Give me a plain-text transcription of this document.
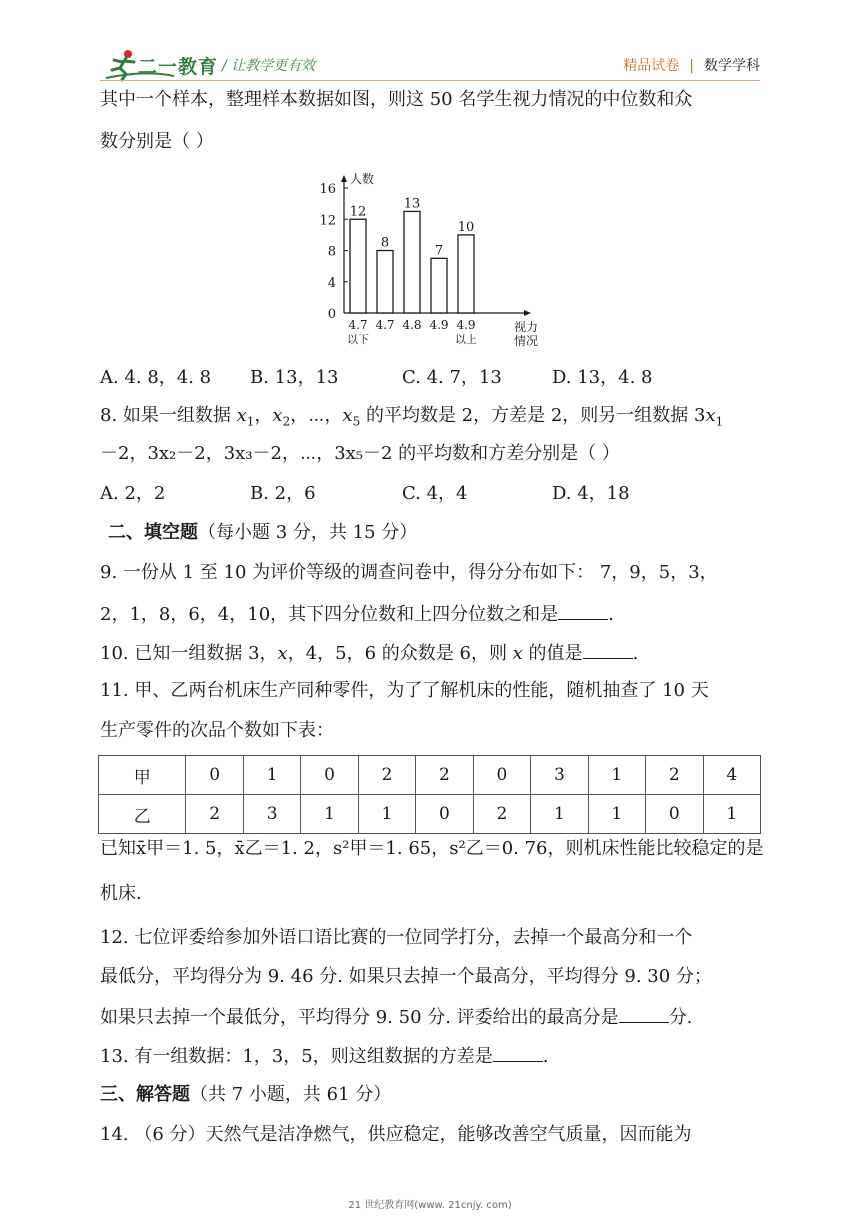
二一教育 / 让教学更有效	精品试卷 | 数学学科
其中一个样本，整理样本数据如图，则这 50 名学生视力情况的中位数和众
数分别是（ ）
0
4
8
12
16
人数
12
4.7
以下
8
4.7
13
4.8
7
4.9
10
4.9
以上
视力
情况
A. 4. 8，4. 8 B. 13，13	C. 4. 7，13	D. 13，4. 8
8. 如果一组数据 $x_1$，$x_2$，⋯，$x_5$ 的平均数是 2，方差是 2，则另一组数据 $3x_1$
－2，3x₂－2，3x₃－2，⋯，3x₅－2 的平均数和方差分别是（ ）
A. 2，2	B. 2，6	C. 4，4	D. 4，18
二、填空题（每小题 3 分，共 15 分）
9. 一份从 1 至 10 为评价等级的调查问卷中，得分分布如下： 7，9，5，3，
2，1，8，6，4，10，其下四分位数和上四分位数之和是	.
10. 已知一组数据 3，x，4，5，6 的众数是 6，则 x 的值是	.
11. 甲、乙两台机床生产同种零件，为了了解机床的性能，随机抽查了 10 天
生产零件的次品个数如下表：
甲	0	1	0	2	2	0	3	1	2	4
乙	2	3	1	1	0	2	1	1	0	1
已知x̄甲＝1. 5，x̄乙＝1. 2，s²甲＝1. 65，s²乙＝0. 76，则机床性能比较稳定的是
机床.
12. 七位评委给参加外语口语比赛的一位同学打分，去掉一个最高分和一个
最低分，平均得分为 9. 46 分. 如果只去掉一个最高分，平均得分 9. 30 分；
如果只去掉一个最低分，平均得分 9. 50 分. 评委给出的最高分是	分.
13. 有一组数据：1，3，5，则这组数据的方差是	.
三、解答题（共 7 小题，共 61 分）
14. （6 分）天然气是洁净燃气，供应稳定，能够改善空气质量，因而能为
21 世纪教育网(www. 21cnjy. com)
